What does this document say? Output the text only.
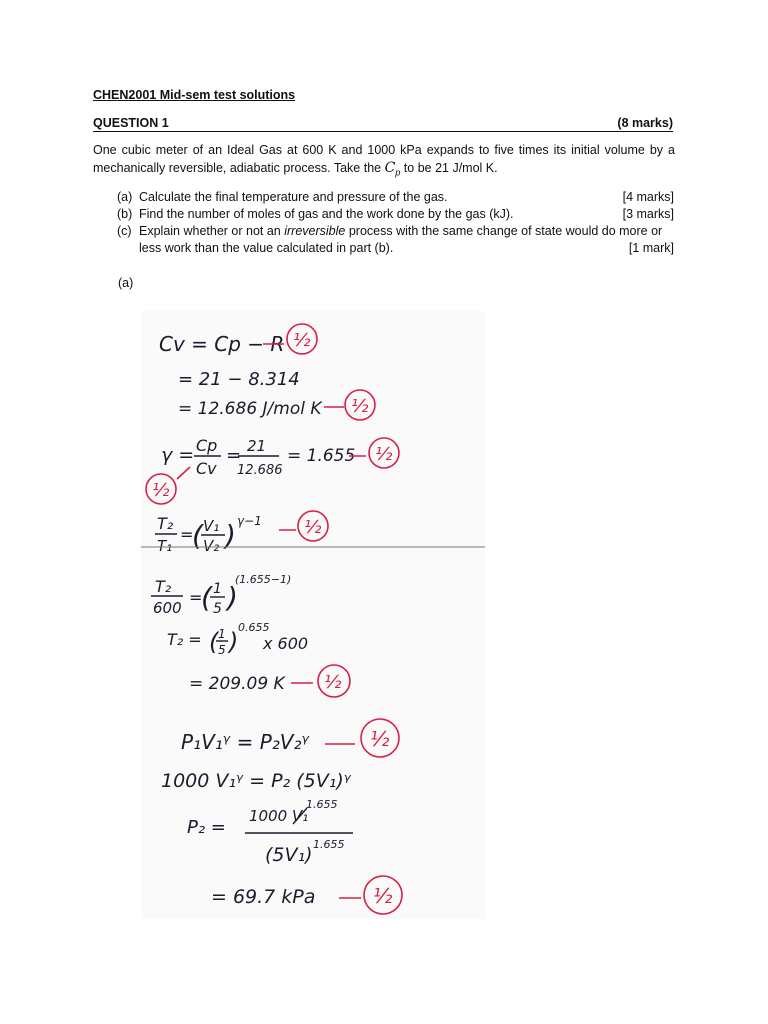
CHEN2001 Mid-sem test solutions
QUESTION 1	(8 marks)
One cubic meter of an Ideal Gas at 600 K and 1000 kPa expands to five times its initial volume by a mechanically reversible, adiabatic process. Take the $C_p$ to be 21 J/mol K.
(a) Calculate the final temperature and pressure of the gas.	[4 marks]
(b) Find the number of moles of gas and the work done by the gas (kJ).	[3 marks]
(c) Explain whether or not an irreversible process with the same change of state would do more or less work than the value calculated in part (b).	[1 mark]
(a)
Cv = Cp − R ½
= 21 − 8.314
= 12.686 J/mol K ½
γ = Cp
Cv
= 21
12.686
= 1.655 ½
½
T₂
T₁
=
( V₁
V₂ ) γ−1 ½
T₂
600
=
( 1
5 )
(1.655−1)
T₂ = ( 1
5 )
0.655
x 600
= 209.09 K ½
P₁V₁ᵞ = P₂V₂ᵞ	½
1000 V₁ᵞ = P₂ (5V₁)ᵞ
P₂ =
1000 V₁
1.655
(5V₁) 1.655
= 69.7 kPa	½
